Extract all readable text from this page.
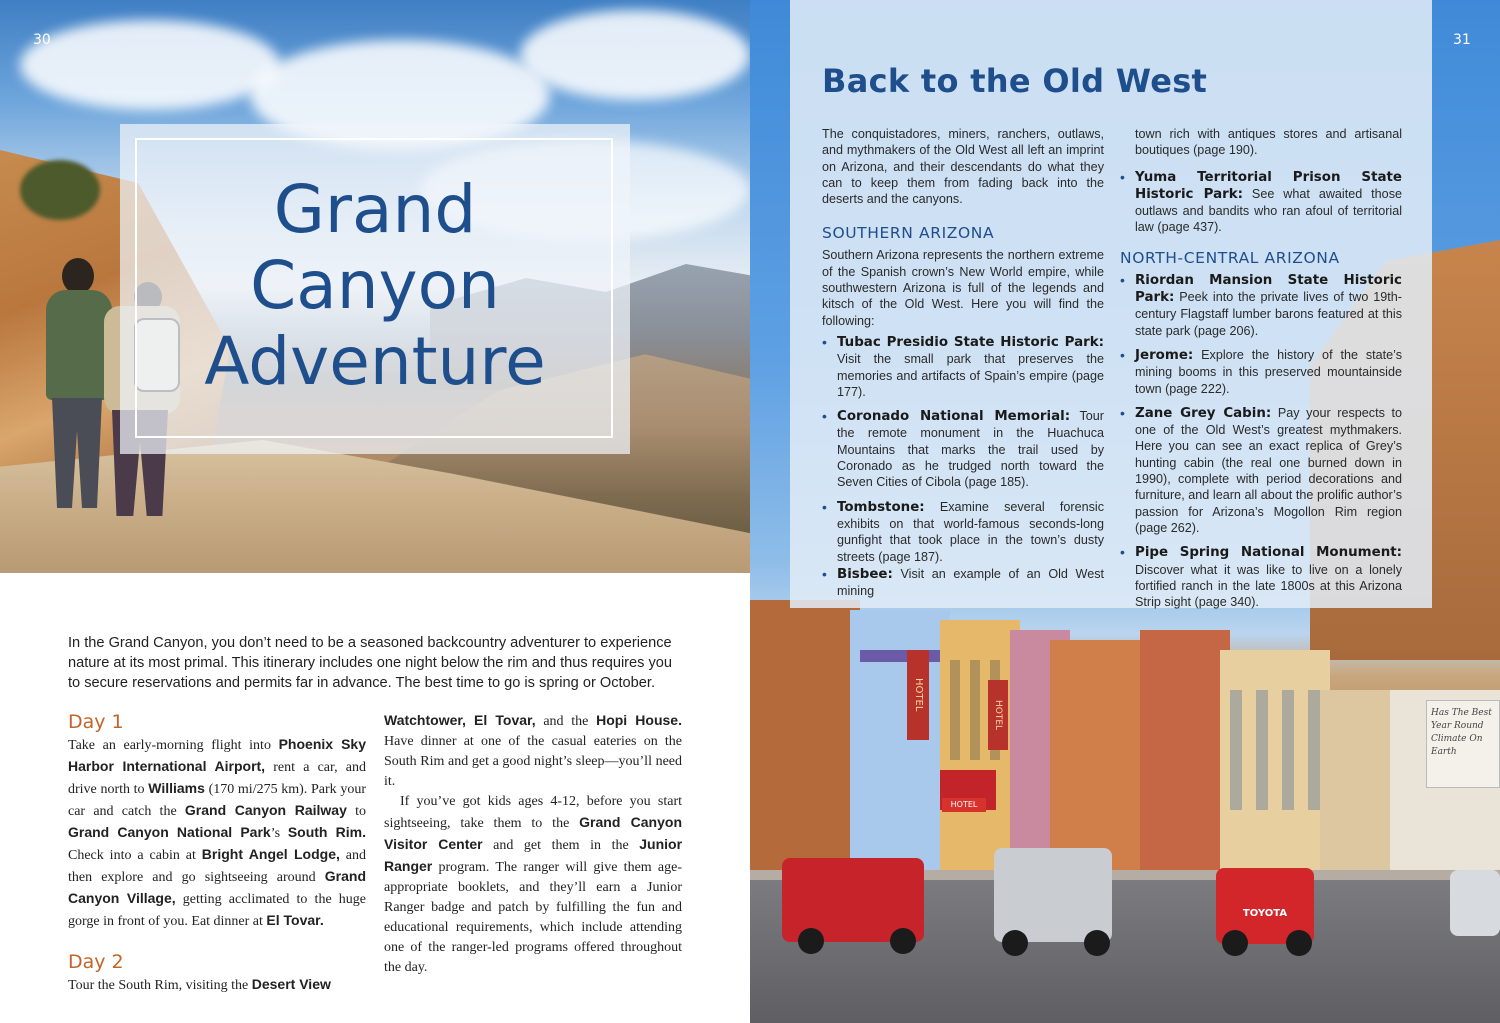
Grand
Canyon
Adventure
30
In the Grand Canyon, you don’t need to be a seasoned backcountry adventurer to experience nature at its most primal. This itinerary includes one night below the rim and thus requires you to secure reservations and permits far in advance. The best time to go is spring or October.

Day 1

Take an early-morning flight into Phoenix Sky Harbor International Airport, rent a car, and drive north to Williams (170 mi/275 km). Park your car and catch the Grand Canyon Railway to Grand Canyon National Park’s South Rim. Check into a cabin at Bright Angel Lodge, and then explore and go sightseeing around Grand Canyon Village, getting acclimated to the huge gorge in front of you. Eat dinner at El Tovar.

Day 2

Tour the South Rim, visiting the Desert View

Watchtower, El Tovar, and the Hopi House. Have dinner at one of the casual eateries on the South Rim and get a good night’s sleep—you’ll need it.

If you’ve got kids ages 4-12, before you start sightseeing, take them to the Grand Canyon Visitor Center and get them in the Junior Ranger program. The ranger will give them age-appropriate booklets, and they’ll earn a Junior Ranger badge and patch by fulfilling the fun and educational requirements, which include attending one of the ranger-led programs offered throughout the day.

HOTEL
HOTEL
HOTEL
Has The Best Year Round Climate On Earth
TOYOTA
31
Back to the Old West

The conquistadores, miners, ranchers, outlaws, and mythmakers of the Old West all left an imprint on Arizona, and their descendants do what they can to keep them from fading back into the deserts and the canyons.

SOUTHERN ARIZONA

Southern Arizona represents the northern extreme of the Spanish crown’s New World empire, while southwestern Arizona is full of the legends and kitsch of the Old West. Here you will find the following:

• Tubac Presidio State Historic Park: Visit the small park that preserves the memories and artifacts of Spain’s empire (page 177).
• Coronado National Memorial: Tour the remote monument in the Huachuca Mountains that marks the trail used by Coronado as he trudged north toward the Seven Cities of Cibola (page 185).
• Tombstone: Examine several forensic exhibits on that world-famous seconds-long gunfight that took place in the town’s dusty streets (page 187).
• Bisbee: Visit an example of an Old West mining
town rich with antiques stores and artisanal boutiques (page 190).
• Yuma Territorial Prison State Historic Park: See what awaited those outlaws and bandits who ran afoul of territorial law (page 437).

NORTH-CENTRAL ARIZONA

• Riordan Mansion State Historic Park: Peek into the private lives of two 19th-century Flagstaff lumber barons featured at this state park (page 206).
• Jerome: Explore the history of the state’s mining booms in this preserved mountainside town (page 222).
• Zane Grey Cabin: Pay your respects to one of the Old West’s greatest mythmakers. Here you can see an exact replica of Grey’s hunting cabin (the real one burned down in 1990), complete with period decorations and furniture, and learn all about the prolific author’s passion for Arizona’s Mogollon Rim region (page 262).
• Pipe Spring National Monument: Discover what it was like to live on a lonely fortified ranch in the late 1800s at this Arizona Strip sight (page 340).
